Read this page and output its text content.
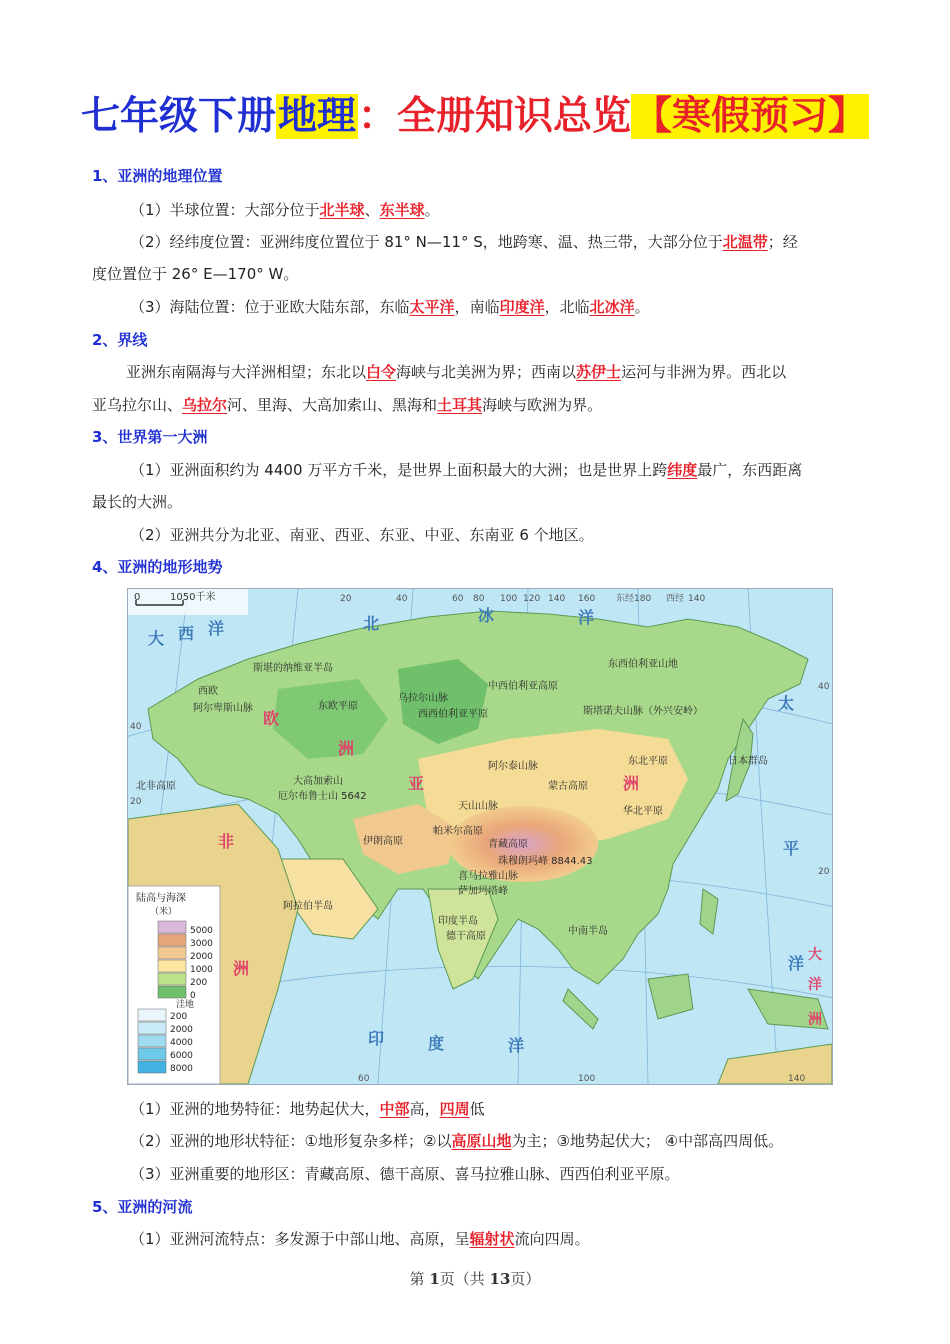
七年级下册地理：全册知识总览【寒假预习】
1、亚洲的地理位置
（1）半球位置：大部分位于北半球、东半球。
（2）经纬度位置：亚洲纬度位置位于 81° N—11° S，地跨寒、温、热三带，大部分位于北温带；经
度位置位于 26° E—170° W。
（3）海陆位置：位于亚欧大陆东部，东临太平洋，南临印度洋，北临北冰洋。
2、界线
亚洲东南隔海与大洋洲相望；东北以白令海峡与北美洲为界；西南以苏伊士运河与非洲为界。西北以
亚乌拉尔山、乌拉尔河、里海、大高加索山、黑海和土耳其海峡与欧洲为界。
3、世界第一大洲
（1）亚洲面积约为 4400 万平方千米，是世界上面积最大的大洲；也是世界上跨纬度最广，东西距离
最长的大洲。
（2）亚洲共分为北亚、南亚、西亚、东亚、中亚、东南亚 6 个地区。
4、亚洲的地形地势
0	1050千米
大 西 洋	北	冰	洋
太
平
洋
印	度	洋
亚	洲
欧
洲
非
洲
大
洋
洲
斯堪的纳维亚半岛
西欧
阿尔卑斯山脉	东欧平原
乌拉尔山脉
西西伯利亚平原
中西伯利亚高原
东西伯利亚山地
斯塔诺夫山脉（外兴安岭）
阿尔泰山脉
蒙古高原
天山山脉
帕米尔高原
伊朗高原	青藏高原
喜马拉雅山脉
珠穆朗玛峰 8844.43
萨加玛塔峰
阿拉伯半岛
德干高原
印度半岛
中南半岛
东北平原
华北平原
日本群岛
厄尔布鲁士山 5642
大高加索山
北非高原
20	40	60 80 100 120 140 160 东经180 西经 140
40
20
60	100	140
40
20
陆高与海深
（米）
5000
3000
2000
1000
200
0
200
2000
4000
6000
8000
洼地
（1）亚洲的地势特征：地势起伏大，中部高，四周低
（2）亚洲的地形状特征：①地形复杂多样；②以高原山地为主；③地势起伏大； ④中部高四周低。
（3）亚洲重要的地形区：青藏高原、德干高原、喜马拉雅山脉、西西伯利亚平原。
5、亚洲的河流
（1）亚洲河流特点：多发源于中部山地、高原，呈辐射状流向四周。
第 1页（共 13页）
